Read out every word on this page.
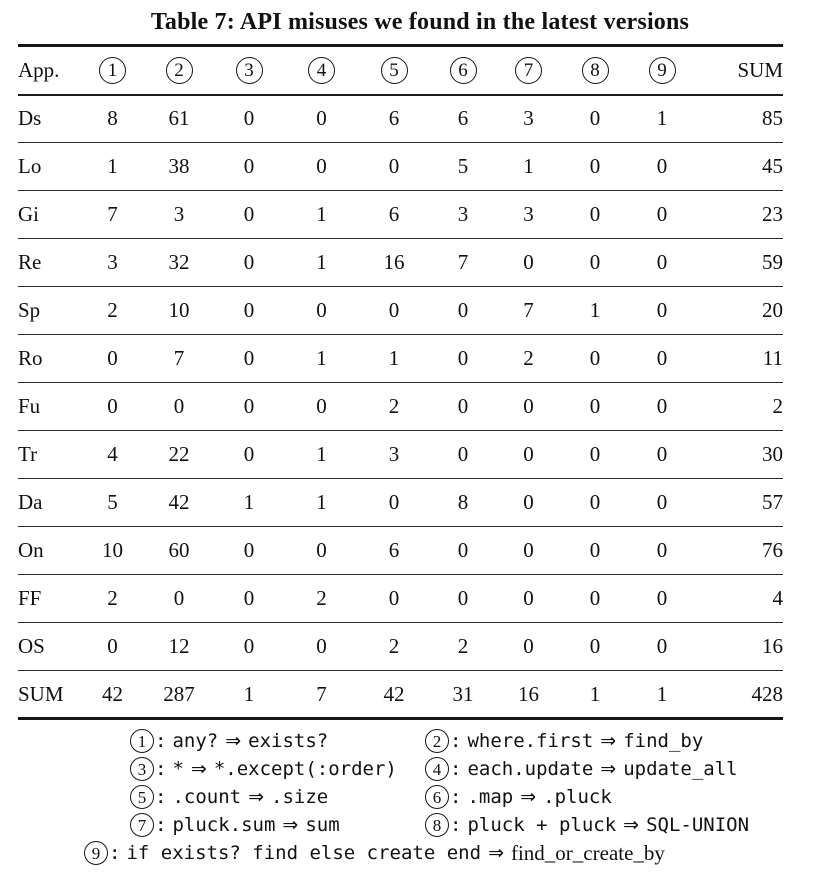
Table 7: API misuses we found in the latest versions
App.	1	2	3	4	5	6	7	8	9	SUM
Ds	8	61	0	0	6	6	3	0	1	85
Lo	1	38	0	0	0	5	1	0	0	45
Gi	7	3	0	1	6	3	3	0	0	23
Re	3	32	0	1	16	7	0	0	0	59
Sp	2	10	0	0	0	0	7	1	0	20
Ro	0	7	0	1	1	0	2	0	0	11
Fu	0	0	0	0	2	0	0	0	0	2
Tr	4	22	0	1	3	0	0	0	0	30
Da	5	42	1	1	0	8	0	0	0	57
On	10	60	0	0	6	0	0	0	0	76
FF	2	0	0	2	0	0	0	0	0	4
OS	0	12	0	0	2	2	0	0	0	16
SUM	42	287	1	7	42	31	16	1	1	428
1 : any? ⇒ exists?	2 : where.first ⇒ find_by
3 : * ⇒ *.except(:order)	4 : each.update ⇒ update_all
5 : .count ⇒ .size	6 : .map ⇒ .pluck
7 : pluck.sum ⇒ sum	8 : pluck + pluck ⇒ SQL-UNION
9 : if exists? find else create end ⇒ find_or_create_by
